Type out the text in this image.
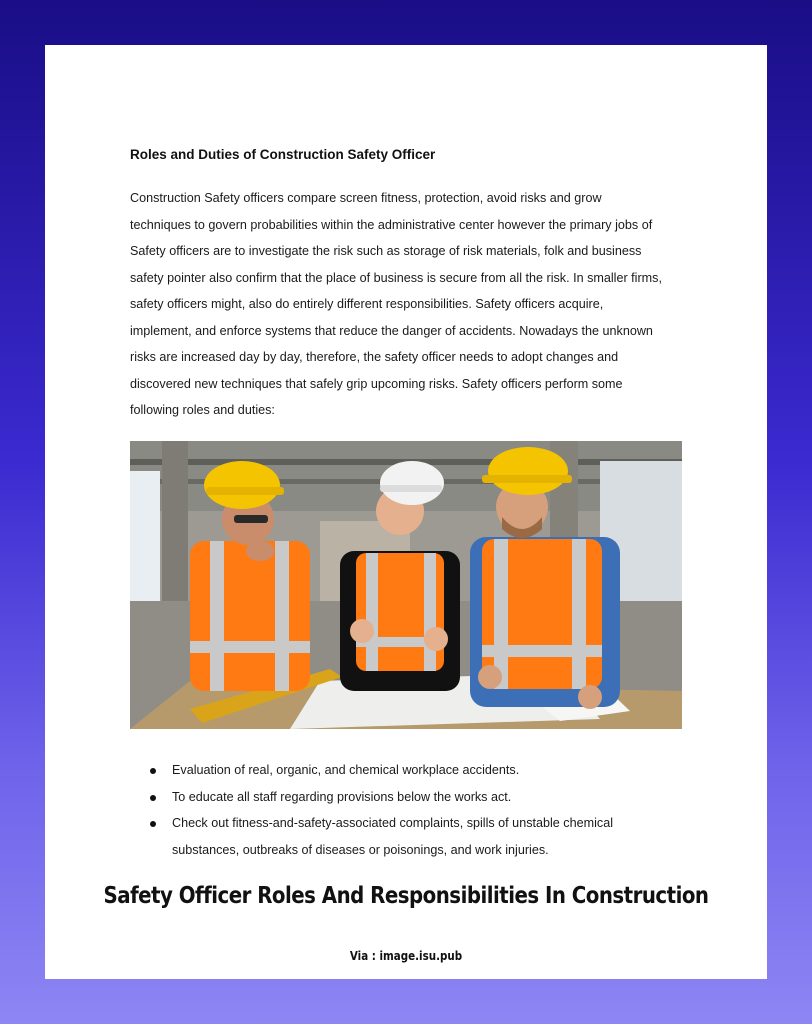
Roles and Duties of Construction Safety Officer

Construction Safety officers compare screen fitness, protection, avoid risks and grow
techniques to govern probabilities within the administrative center however the primary jobs of
Safety officers are to investigate the risk such as storage of risk materials, folk and business
safety pointer also confirm that the place of business is secure from all the risk. In smaller firms,
safety officers might, also do entirely different responsibilities. Safety officers acquire,
implement, and enforce systems that reduce the danger of accidents. Nowadays the unknown
risks are increased day by day, therefore, the safety officer needs to adopt changes and
discovered new techniques that safely grip upcoming risks. Safety officers perform some
following roles and duties:

Evaluation of real, organic, and chemical workplace accidents.
To educate all staff regarding provisions below the works act.
Check out fitness-and-safety-associated complaints, spills of unstable chemical substances, outbreaks of diseases or poisonings, and work injuries.
Safety Officer Roles And Responsibilities In Construction
Via : image.isu.pub
